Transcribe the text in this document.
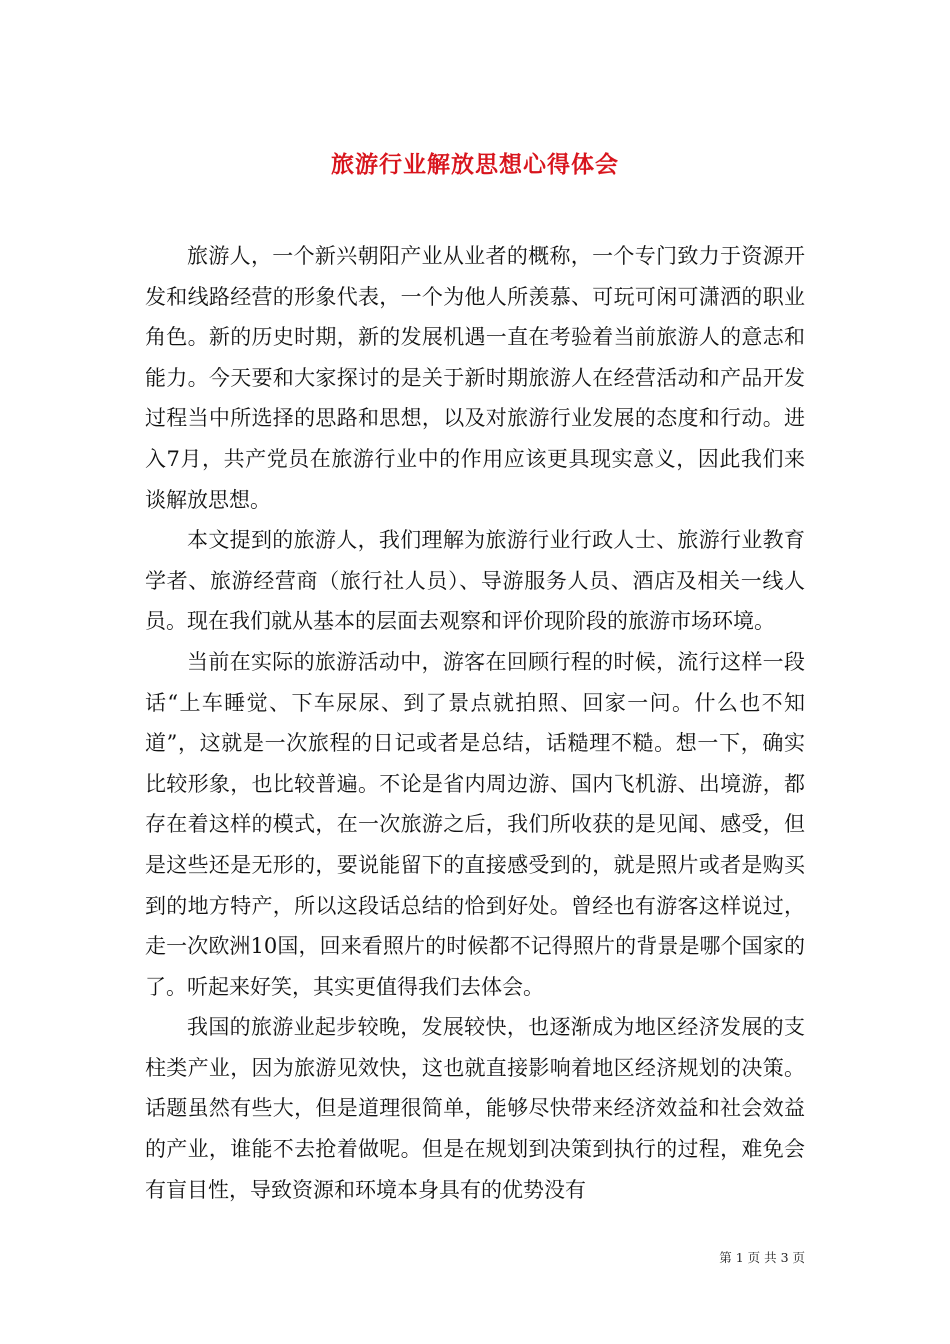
旅游行业解放思想心得体会

旅游人，一个新兴朝阳产业从业者的概称，一个专门致力于资源开发和线路经营的形象代表，一个为他人所羡慕、可玩可闲可潇洒的职业角色。新的历史时期，新的发展机遇一直在考验着当前旅游人的意志和能力。今天要和大家探讨的是关于新时期旅游人在经营活动和产品开发过程当中所选择的思路和思想，以及对旅游行业发展的态度和行动。进入7月，共产党员在旅游行业中的作用应该更具现实意义，因此我们来谈解放思想。

本文提到的旅游人，我们理解为旅游行业行政人士、旅游行业教育学者、旅游经营商（旅行社人员）、导游服务人员、酒店及相关一线人员。现在我们就从基本的层面去观察和评价现阶段的旅游市场环境。

当前在实际的旅游活动中，游客在回顾行程的时候，流行这样一段话“上车睡觉、下车尿尿、到了景点就拍照、回家一问。什么也不知道”，这就是一次旅程的日记或者是总结，话糙理不糙。想一下，确实比较形象，也比较普遍。不论是省内周边游、国内飞机游、出境游，都存在着这样的模式，在一次旅游之后，我们所收获的是见闻、感受，但是这些还是无形的，要说能留下的直接感受到的，就是照片或者是购买到的地方特产，所以这段话总结的恰到好处。曾经也有游客这样说过，走一次欧洲10国，回来看照片的时候都不记得照片的背景是哪个国家的了。听起来好笑，其实更值得我们去体会。

我国的旅游业起步较晚，发展较快，也逐渐成为地区经济发展的支柱类产业，因为旅游见效快，这也就直接影响着地区经济规划的决策。话题虽然有些大，但是道理很简单，能够尽快带来经济效益和社会效益的产业，谁能不去抢着做呢。但是在规划到决策到执行的过程，难免会有盲目性，导致资源和环境本身具有的优势没有

第 1 页 共 3 页
